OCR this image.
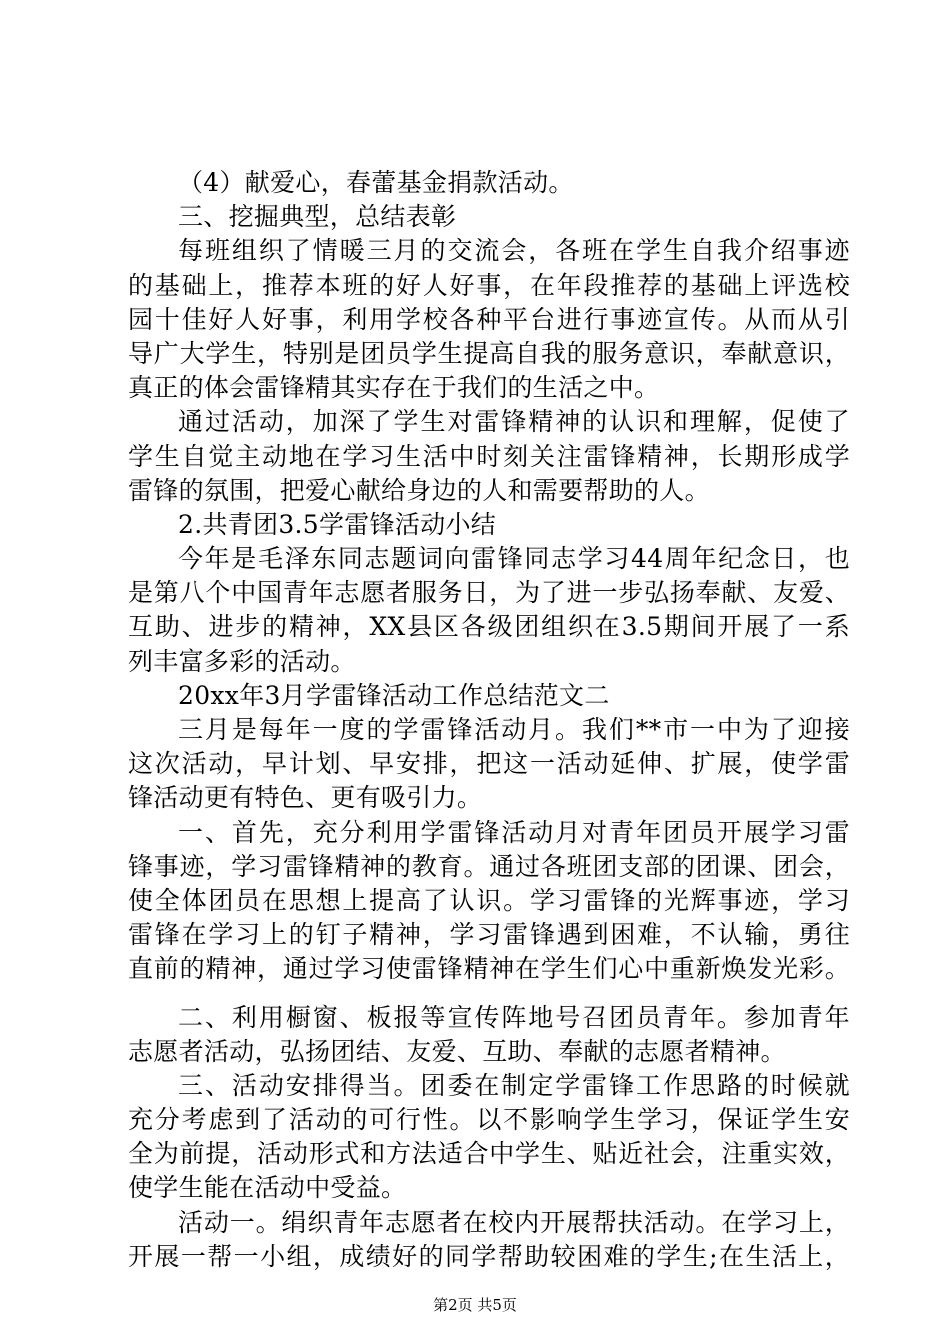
（4）献爱心，春蕾基金捐款活动。
三、挖掘典型，总结表彰
每班组织了情暖三月的交流会，各班在学生自我介绍事迹
的基础上，推荐本班的好人好事，在年段推荐的基础上评选校
园十佳好人好事，利用学校各种平台进行事迹宣传。从而从引
导广大学生，特别是团员学生提高自我的服务意识，奉献意识，
真正的体会雷锋精其实存在于我们的生活之中。
通过活动，加深了学生对雷锋精神的认识和理解，促使了
学生自觉主动地在学习生活中时刻关注雷锋精神，长期形成学
雷锋的氛围，把爱心献给身边的人和需要帮助的人。
2.共青团3.5学雷锋活动小结
今年是毛泽东同志题词向雷锋同志学习44周年纪念日，也
是第八个中国青年志愿者服务日，为了进一步弘扬奉献、友爱、
互助、进步的精神，XX县区各级团组织在3.5期间开展了一系
列丰富多彩的活动。
20xx年3月学雷锋活动工作总结范文二
三月是每年一度的学雷锋活动月。我们**市一中为了迎接
这次活动，早计划、早安排，把这一活动延伸、扩展，使学雷
锋活动更有特色、更有吸引力。
一、首先，充分利用学雷锋活动月对青年团员开展学习雷
锋事迹，学习雷锋精神的教育。通过各班团支部的团课、团会，
使全体团员在思想上提高了认识。学习雷锋的光辉事迹，学习
雷锋在学习上的钉子精神，学习雷锋遇到困难，不认输，勇往
直前的精神，通过学习使雷锋精神在学生们心中重新焕发光彩。
二、利用橱窗、板报等宣传阵地号召团员青年。参加青年
志愿者活动，弘扬团结、友爱、互助、奉献的志愿者精神。
三、活动安排得当。团委在制定学雷锋工作思路的时候就
充分考虑到了活动的可行性。以不影响学生学习，保证学生安
全为前提，活动形式和方法适合中学生、贴近社会，注重实效，
使学生能在活动中受益。
活动一。绢织青年志愿者在校内开展帮扶活动。在学习上，
开展一帮一小组，成绩好的同学帮助较困难的学生;在生活上，
第2页 共5页
